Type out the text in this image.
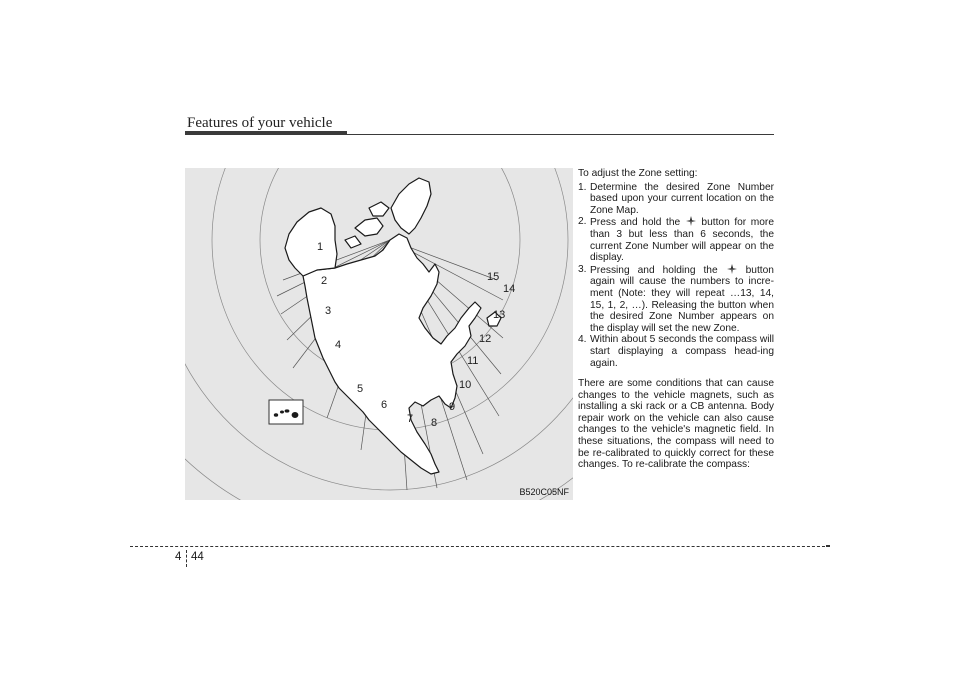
Features of your vehicle
1
2
3
4
5
6
7 8
9
10
11
12
13
14
15
B520C05NF

To adjust the Zone setting:

1. Determine the desired Zone Number based upon your current location on the Zone Map.
2. Press and hold the button for more than 3 but less than 6 seconds, the current Zone Number will appear on the display.
3. Pressing and holding the	button again will cause the numbers to incre-ment (Note: they will repeat …13, 14, 15, 1, 2, …). Releasing the button when the desired Zone Number appears on the display will set the new Zone.
4. Within about 5 seconds the compass will start displaying a compass head-ing again.

There are some conditions that can cause changes to the vehicle magnets, such as installing a ski rack or a CB antenna. Body repair work on the vehicle can also cause changes to the vehicle's magnetic field. In these situations, the compass will need to be re-calibrated to quickly correct for these changes. To re-calibrate the compass:

4 44
